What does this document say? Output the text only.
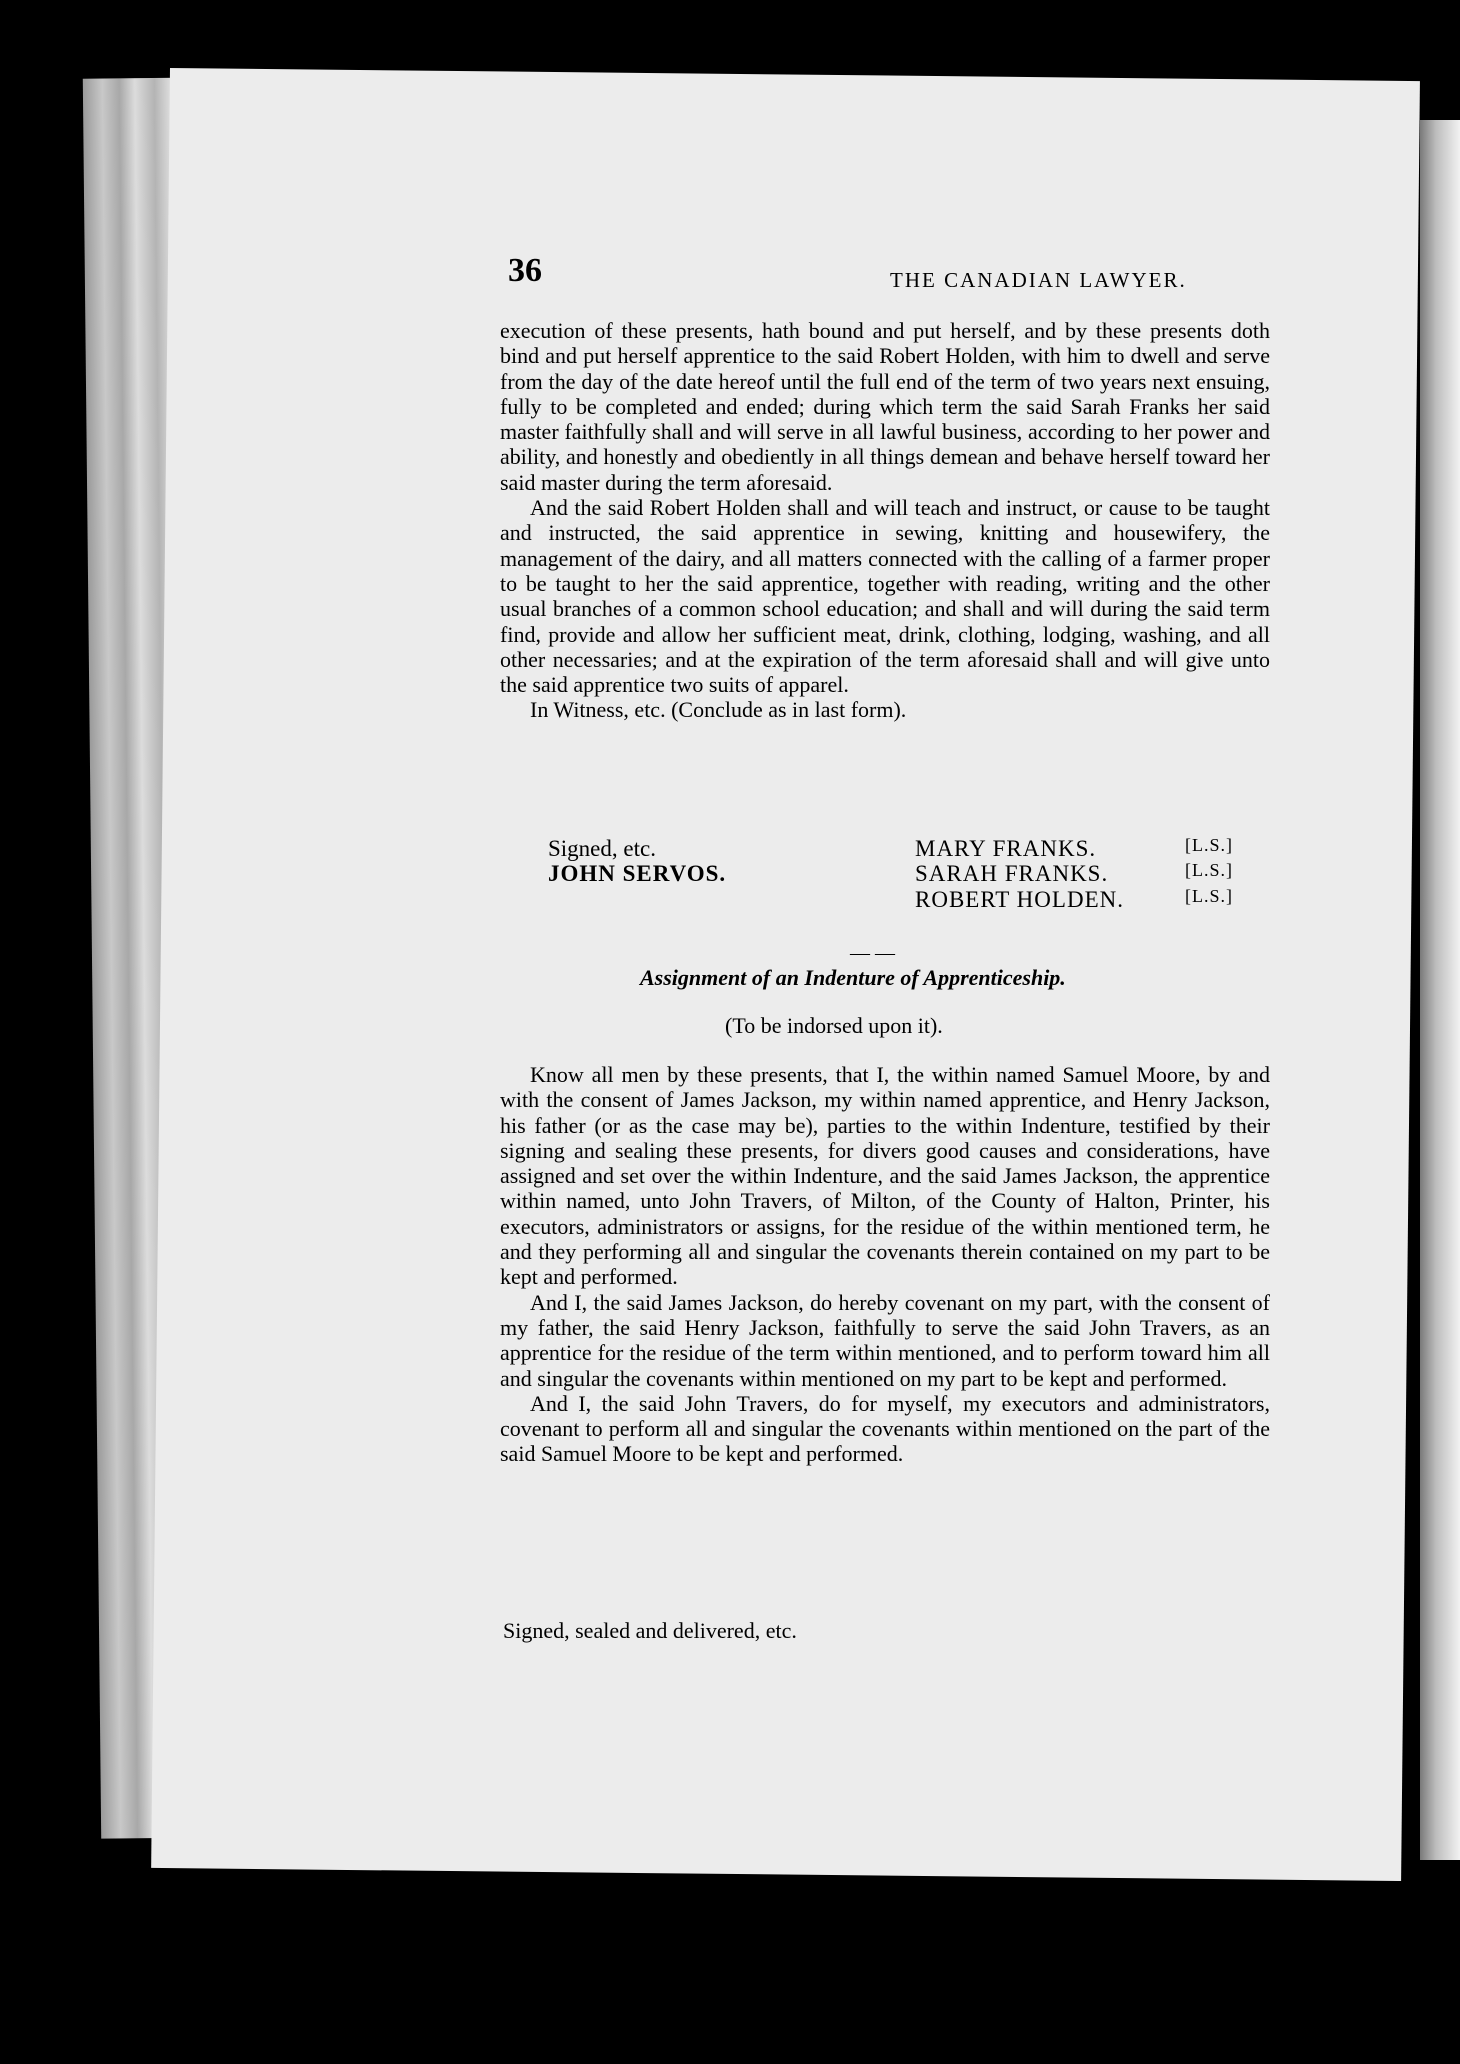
36	THE CANADIAN LAWYER.

execution of these presents, hath bound and put herself, and by these presents doth bind and put herself apprentice to the said Robert Holden, with him to dwell and serve from the day of the date hereof until the full end of the term of two years next ensuing, fully to be completed and ended; during which term the said Sarah Franks her said master faithfully shall and will serve in all lawful business, according to her power and ability, and honestly and obediently in all things demean and behave herself toward her said master during the term aforesaid.

And the said Robert Holden shall and will teach and instruct, or cause to be taught and instructed, the said apprentice in sewing, knitting and housewifery, the management of the dairy, and all matters connected with the calling of a farmer proper to be taught to her the said apprentice, together with reading, writing and the other usual branches of a common school education; and shall and will during the said term find, provide and allow her sufficient meat, drink, clothing, lodging, washing, and all other necessaries; and at the expiration of the term aforesaid shall and will give unto the said apprentice two suits of apparel.

In Witness, etc. (Conclude as in last form).

Signed, etc.
JOHN SERVOS.
MARY FRANKS.	[L.S.]
SARAH FRANKS.	[L.S.]
ROBERT HOLDEN.	[L.S.]
— —
Assignment of an Indenture of Apprenticeship.
(To be indorsed upon it).

Know all men by these presents, that I, the within named Samuel Moore, by and with the consent of James Jackson, my within named apprentice, and Henry Jackson, his father (or as the case may be), parties to the within Indenture, testified by their signing and sealing these presents, for divers good causes and considerations, have assigned and set over the within Indenture, and the said James Jackson, the apprentice within named, unto John Travers, of Milton, of the County of Halton, Printer, his executors, administrators or assigns, for the residue of the within mentioned term, he and they performing all and singular the covenants therein contained on my part to be kept and performed.

And I, the said James Jackson, do hereby covenant on my part, with the consent of my father, the said Henry Jackson, faithfully to serve the said John Travers, as an apprentice for the residue of the term within mentioned, and to perform toward him all and singular the covenants within mentioned on my part to be kept and performed.

And I, the said John Travers, do for myself, my executors and administrators, covenant to perform all and singular the covenants within mentioned on the part of the said Samuel Moore to be kept and performed.

Signed, sealed and delivered, etc.
